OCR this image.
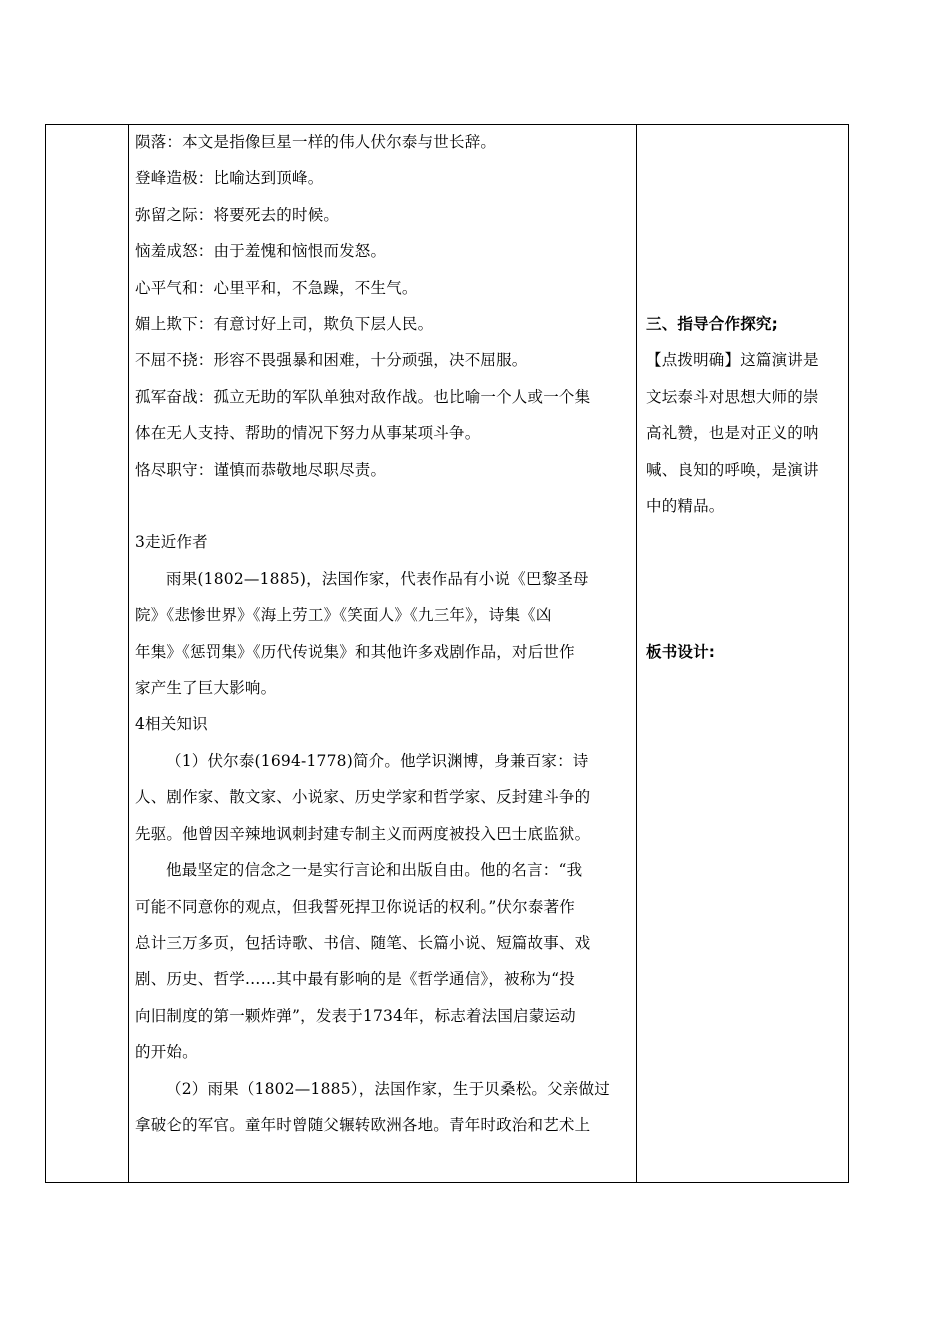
陨落：本文是指像巨星一样的伟人伏尔泰与世长辞。
登峰造极：比喻达到顶峰。
弥留之际：将要死去的时候。
恼羞成怒：由于羞愧和恼恨而发怒。
心平气和：心里平和，不急躁，不生气。
媚上欺下：有意讨好上司，欺负下层人民。
不屈不挠：形容不畏强暴和困难，十分顽强，决不屈服。
孤军奋战：孤立无助的军队单独对敌作战。也比喻一个人或一个集
体在无人支持、帮助的情况下努力从事某项斗争。
恪尽职守：谨慎而恭敬地尽职尽责。
3走近作者
雨果(1802—1885)，法国作家，代表作品有小说《巴黎圣母
院》《悲惨世界》《海上劳工》《笑面人》《九三年》，诗集《凶
年集》《惩罚集》《历代传说集》和其他许多戏剧作品，对后世作
家产生了巨大影响。
4相关知识
（1）伏尔泰(1694-1778)简介。他学识渊博，身兼百家：诗
人、剧作家、散文家、小说家、历史学家和哲学家、反封建斗争的
先驱。他曾因辛辣地讽刺封建专制主义而两度被投入巴士底监狱。
他最坚定的信念之一是实行言论和出版自由。他的名言：“我
可能不同意你的观点，但我誓死捍卫你说话的权利。”伏尔泰著作
总计三万多页，包括诗歌、书信、随笔、长篇小说、短篇故事、戏
剧、历史、哲学……其中最有影响的是《哲学通信》，被称为“投
向旧制度的第一颗炸弹”，发表于1734年，标志着法国启蒙运动
的开始。
（2）雨果（1802—1885），法国作家，生于贝桑松。父亲做过
拿破仑的军官。童年时曾随父辗转欧洲各地。青年时政治和艺术上
三、指导合作探究;
【点拨明确】这篇演讲是
文坛泰斗对思想大师的崇
高礼赞，也是对正义的呐
喊、良知的呼唤，是演讲
中的精品。
板书设计:
